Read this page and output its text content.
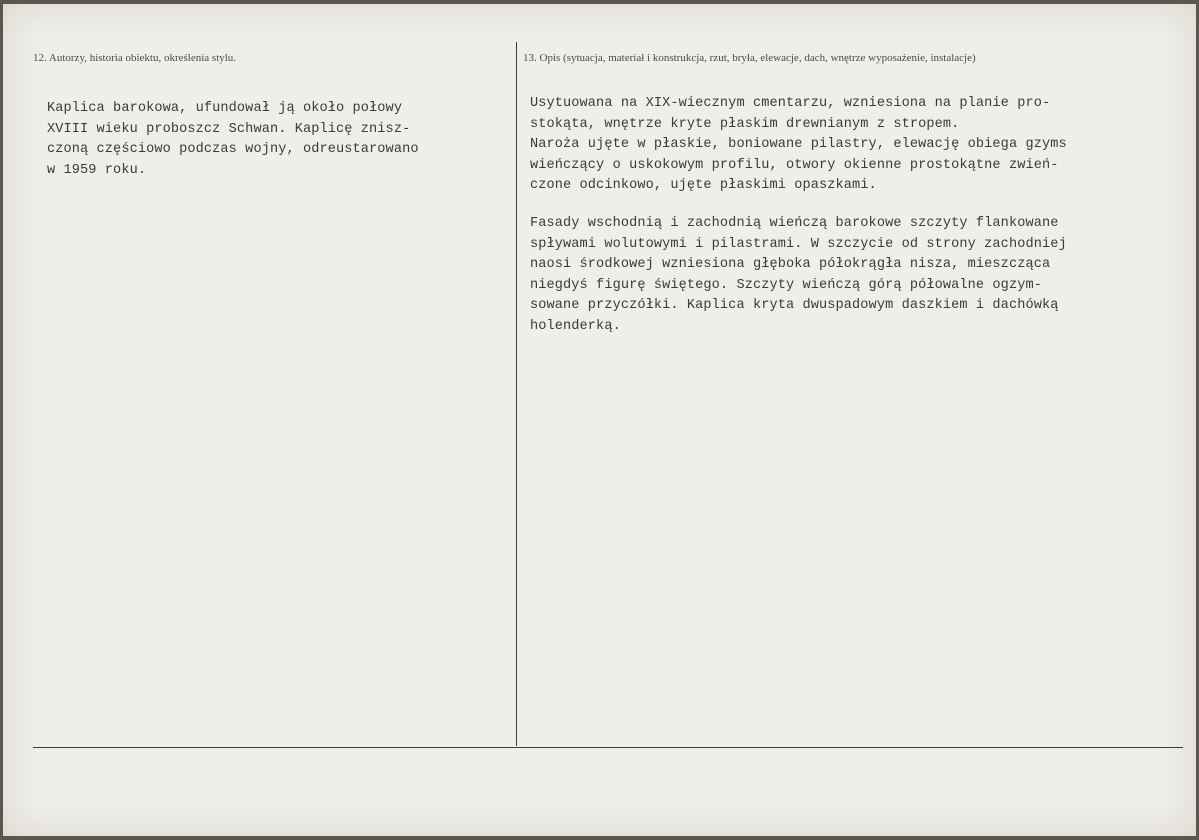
12. Autorzy, historia obiektu, określenia stylu.	13. Opis (sytuacja, materiał i konstrukcja, rzut, bryła, elewacje, dach, wnętrze wyposażenie, instalacje)
Kaplica barokowa, ufundował ją około połowy
XVIII wieku proboszcz Schwan. Kaplicę znisz-
czoną częściowo podczas wojny, odreustarowano
w 1959 roku.
Usytuowana na XIX-wiecznym cmentarzu, wzniesiona na planie pro-
stokąta, wnętrze kryte płaskim drewnianym z stropem.
Naroża ujęte w płaskie, boniowane pilastry, elewację obiega gzyms
wieńczący o uskokowym profilu, otwory okienne prostokątne zwień-
czone odcinkowo, ujęte płaskimi opaszkami.
Fasady wschodnią i zachodnią wieńczą barokowe szczyty flankowane
spływami wolutowymi i pilastrami. W szczycie od strony zachodniej
naosi środkowej wzniesiona głęboka półokrągła nisza, mieszcząca
niegdyś figurę świętego. Szczyty wieńczą górą półowalne ogzym-
sowane przyczółki. Kaplica kryta dwuspadowym daszkiem i dachówką
holenderką.
